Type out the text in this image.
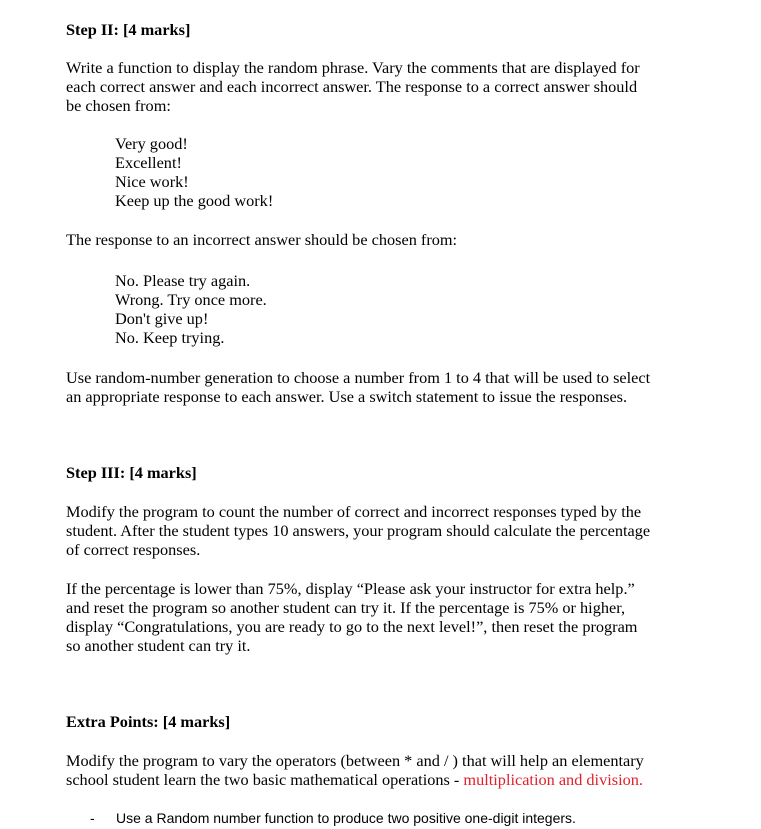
Step II: [4 marks]
Write a function to display the random phrase. Vary the comments that are displayed for
each correct answer and each incorrect answer. The response to a correct answer should
be chosen from:
Very good!
Excellent!
Nice work!
Keep up the good work!
The response to an incorrect answer should be chosen from:
No. Please try again.
Wrong. Try once more.
Don't give up!
No. Keep trying.
Use random-number generation to choose a number from 1 to 4 that will be used to select
an appropriate response to each answer. Use a switch statement to issue the responses.
Step III: [4 marks]
Modify the program to count the number of correct and incorrect responses typed by the
student. After the student types 10 answers, your program should calculate the percentage
of correct responses.
If the percentage is lower than 75%, display “Please ask your instructor for extra help.”
and reset the program so another student can try it. If the percentage is 75% or higher,
display “Congratulations, you are ready to go to the next level!”, then reset the program
so another student can try it.
Extra Points: [4 marks]
Modify the program to vary the operators (between * and / ) that will help an elementary
school student learn the two basic mathematical operations - multiplication and division.
- Use a Random number function to produce two positive one-digit integers.
